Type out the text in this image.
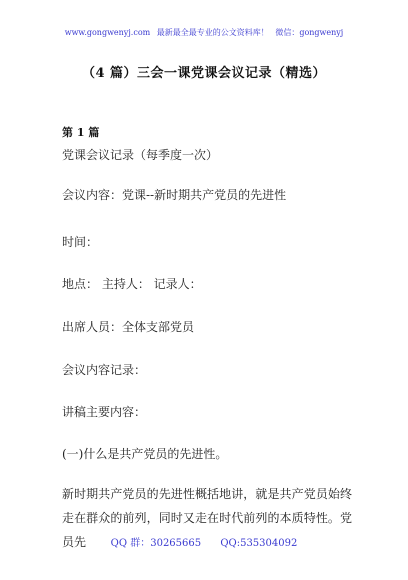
www.gongwenyj.com 最新最全最专业的公文资料库！ 微信：gongwenyj
（4 篇）三会一课党课会议记录（精选）
第 1 篇
党课会议记录（每季度一次）
会议内容：党课--新时期共产党员的先进性
时间：
地点： 主持人： 记录人：
出席人员：全体支部党员
会议内容记录：
讲稿主要内容：
(一)什么是共产党员的先进性。
新时期共产党员的先进性概括地讲，就是共产党员始终走在群众的前列，同时又走在时代前列的本质特性。党员先	QQ 群：30265665 QQ:535304092
